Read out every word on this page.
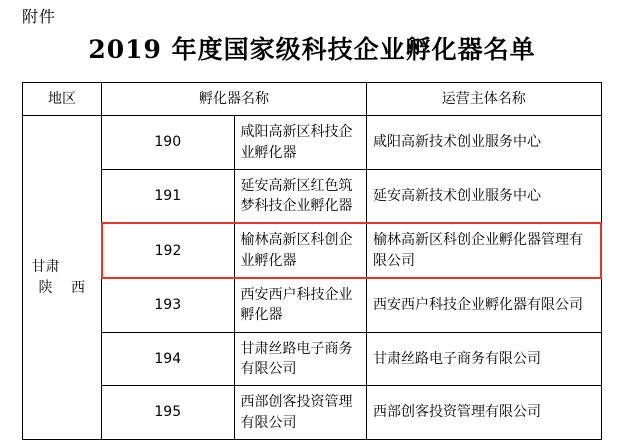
附件
2019 年度国家级科技企业孵化器名单
地区	孵化器名称		运营主体名称
甘肃陕 西	190	咸阳高新区科技企业孵化器	咸阳高新技术创业服务中心
	191	延安高新区红色筑梦科技企业孵化器	延安高新技术创业服务中心
	192	榆林高新区科创企业孵化器	榆林高新区科创企业孵化器管理有限公司
	193	西安西户科技企业孵化器	西安西户科技企业孵化器有限公司
	194	甘肃丝路电子商务有限公司	甘肃丝路电子商务有限公司
	195	西部创客投资管理有限公司	西部创客投资管理有限公司
